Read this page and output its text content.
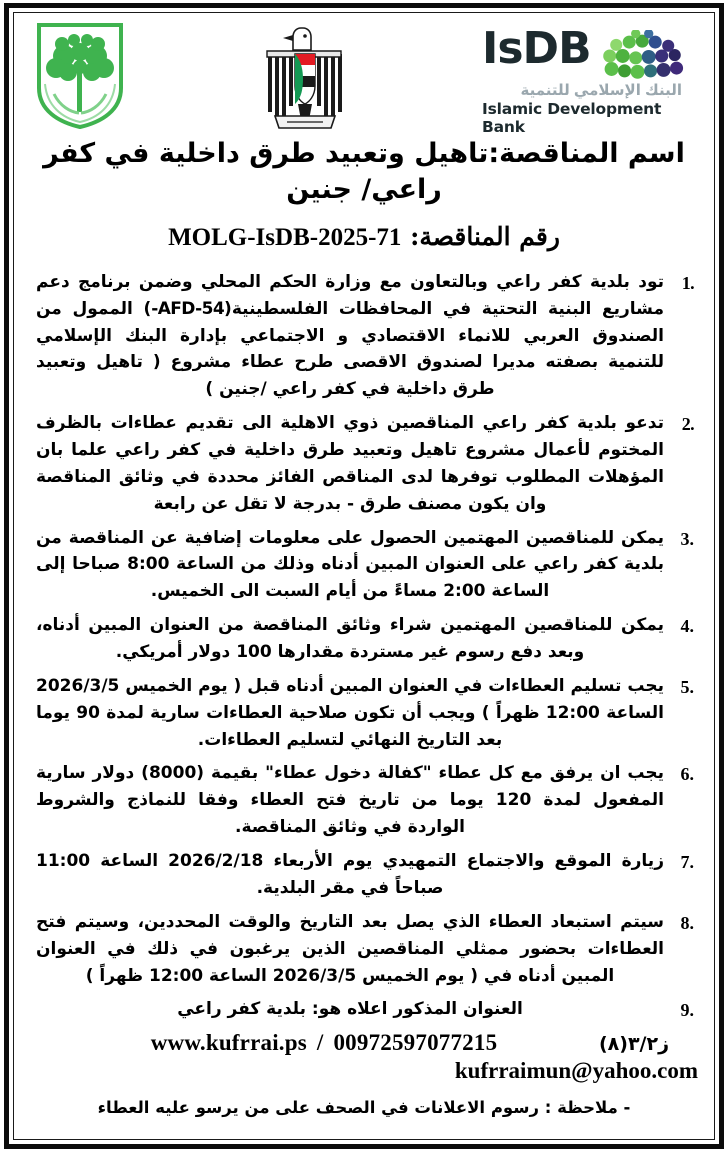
IsDB
البنك الإسلامي للتنمية
Islamic Development Bank
اسم المناقصة:تاهيل وتعبيد طرق داخلية في كفر راعي/ جنين
رقم المناقصة: MOLG-IsDB-2025-71
تود بلدية كفر راعي وبالتعاون مع وزارة الحكم المحلي وضمن برنامج دعم مشاريع البنية التحتية في المحافظات الفلسطينية(AFD-54-) الممول من الصندوق العربي للانماء الاقتصادي و الاجتماعي بإدارة البنك الإسلامي للتنمية بصفته مديرا لصندوق الاقصى طرح عطاء مشروع ( تاهيل وتعبيد طرق داخلية في كفر راعي /جنين )
تدعو بلدية كفر راعي المناقصين ذوي الاهلية الى تقديم عطاءات بالظرف المختوم لأعمال مشروع تاهيل وتعبيد طرق داخلية في كفر راعي علما بان المؤهلات المطلوب توفرها لدى المناقص الفائز محددة في وثائق المناقصة وان يكون مصنف طرق - بدرجة لا تقل عن رابعة
يمكن للمناقصين المهتمين الحصول على معلومات إضافية عن المناقصة من بلدية كفر راعي على العنوان المبين أدناه وذلك من الساعة 8:00 صباحا إلى الساعة 2:00 مساءً من أيام السبت الى الخميس.
يمكن للمناقصين المهتمين شراء وثائق المناقصة من العنوان المبين أدناه، وبعد دفع رسوم غير مستردة مقدارها 100 دولار أمريكي.
يجب تسليم العطاءات في العنوان المبين أدناه قبل ( يوم الخميس 2026/3/5 الساعة 12:00 ظهراً ) ويجب أن تكون صلاحية العطاءات سارية لمدة 90 يوما بعد التاريخ النهائي لتسليم العطاءات.
يجب ان يرفق مع كل عطاء "كفالة دخول عطاء" بقيمة (8000) دولار سارية المفعول لمدة 120 يوما من تاريخ فتح العطاء وفقا للنماذج والشروط الواردة في وثائق المناقصة.
زيارة الموقع والاجتماع التمهيدي يوم الأربعاء 2026/2/18 الساعة 11:00 صباحاً في مقر البلدية.
سيتم استبعاد العطاء الذي يصل بعد التاريخ والوقت المحددين، وسيتم فتح العطاءات بحضور ممثلي المناقصين الذين يرغبون في ذلك في العنوان المبين أدناه في ( يوم الخميس 2026/3/5 الساعة 12:00 ظهراً )
العنوان المذكور اعلاه هو: بلدية كفر راعي
ز٣/٢(٨)
www.kufrrai.ps / 00972597077215
kufrraimun@yahoo.com
- ملاحظة : رسوم الاعلانات في الصحف على من يرسو عليه العطاء
